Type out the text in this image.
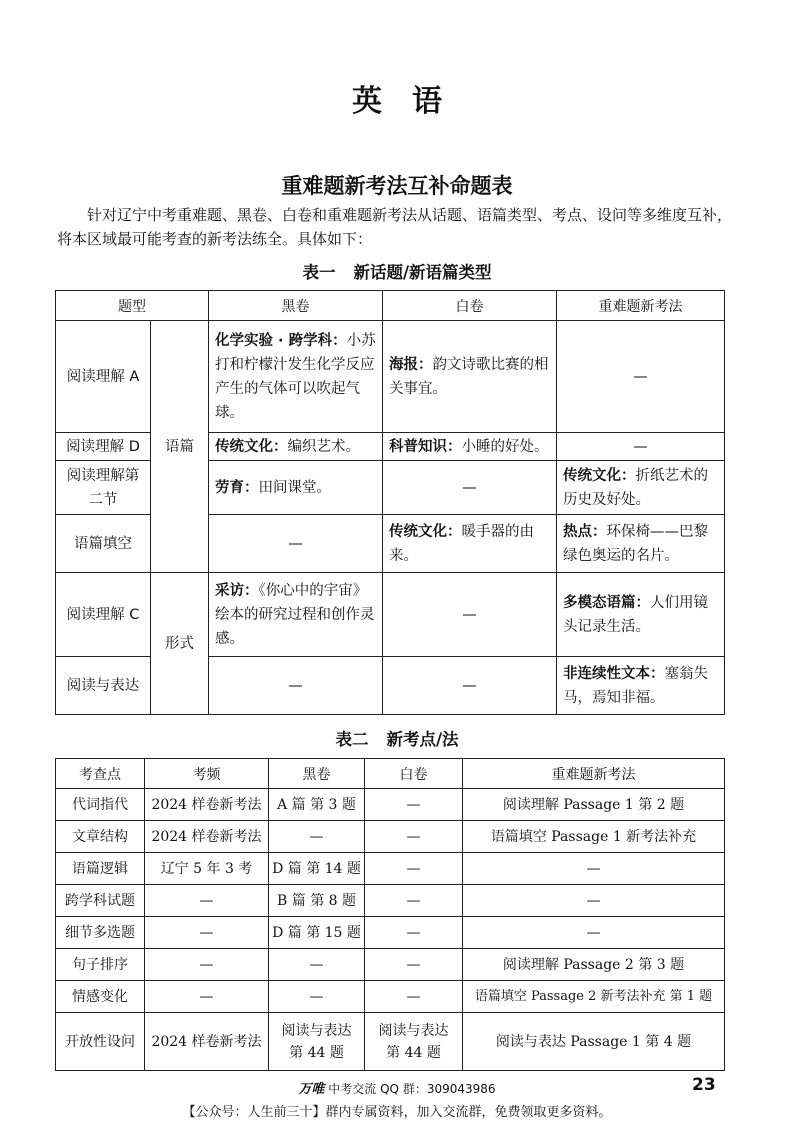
英　语
重难题新考法互补命题表
针对辽宁中考重难题、黑卷、白卷和重难题新考法从话题、语篇类型、考点、设问等多维度互补，将本区域最可能考查的新考法练全。具体如下：
表一 新话题/新语篇类型
题型		黑卷	白卷	重难题新考法
阅读理解 A	语篇	化学实验 · 跨学科：小苏打和柠檬汁发生化学反应产生的气体可以吹起气球。	海报：韵文诗歌比赛的相关事宜。	—
阅读理解 D		传统文化：编织艺术。	科普知识：小睡的好处。	—
阅读理解第二节		劳育：田间课堂。	—	传统文化：折纸艺术的历史及好处。
语篇填空		—	传统文化：暖手器的由来。	热点：环保椅——巴黎绿色奥运的名片。
阅读理解 C	形式	采访：《你心中的宇宙》绘本的研究过程和创作灵感。	—	多模态语篇：人们用镜头记录生活。
阅读与表达		—	—	非连续性文本：塞翁失马，焉知非福。
表二 新考点/法
考查点	考频	黑卷	白卷	重难题新考法
代词指代	2024 样卷新考法	A 篇 第 3 题	—	阅读理解 Passage 1 第 2 题
文章结构	2024 样卷新考法	—	—	语篇填空 Passage 1 新考法补充
语篇逻辑	辽宁 5 年 3 考	D 篇 第 14 题	—	—
跨学科试题	—	B 篇 第 8 题	—	—
细节多选题	—	D 篇 第 15 题	—	—
句子排序	—	—	—	阅读理解 Passage 2 第 3 题
情感变化	—	—	—	语篇填空 Passage 2 新考法补充 第 1 题
开放性设问	2024 样卷新考法	阅读与表达第 44 题	阅读与表达第 44 题	阅读与表达 Passage 1 第 4 题
万唯 中考交流 QQ 群：309043986	23
【公众号：人生前三十】群内专属资料，加入交流群，免费领取更多资料。
